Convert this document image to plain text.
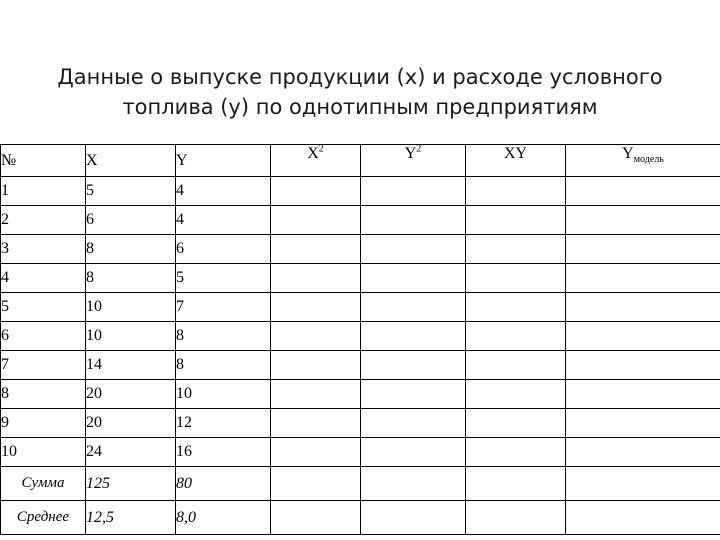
Данные о выпуске продукции (x) и расходе условного
топлива (y) по однотипным предприятиям
№	X	Y	$X^2$	$Y^2$	XY	$Y_{модель}$
1	5	4				
2	6	4				
3	8	6				
4	8	5				
5	10	7				
6	10	8				
7	14	8				
8	20	10				
9	20	12				
10	24	16				
Сумма	125	80				
Среднее	12,5	8,0				
